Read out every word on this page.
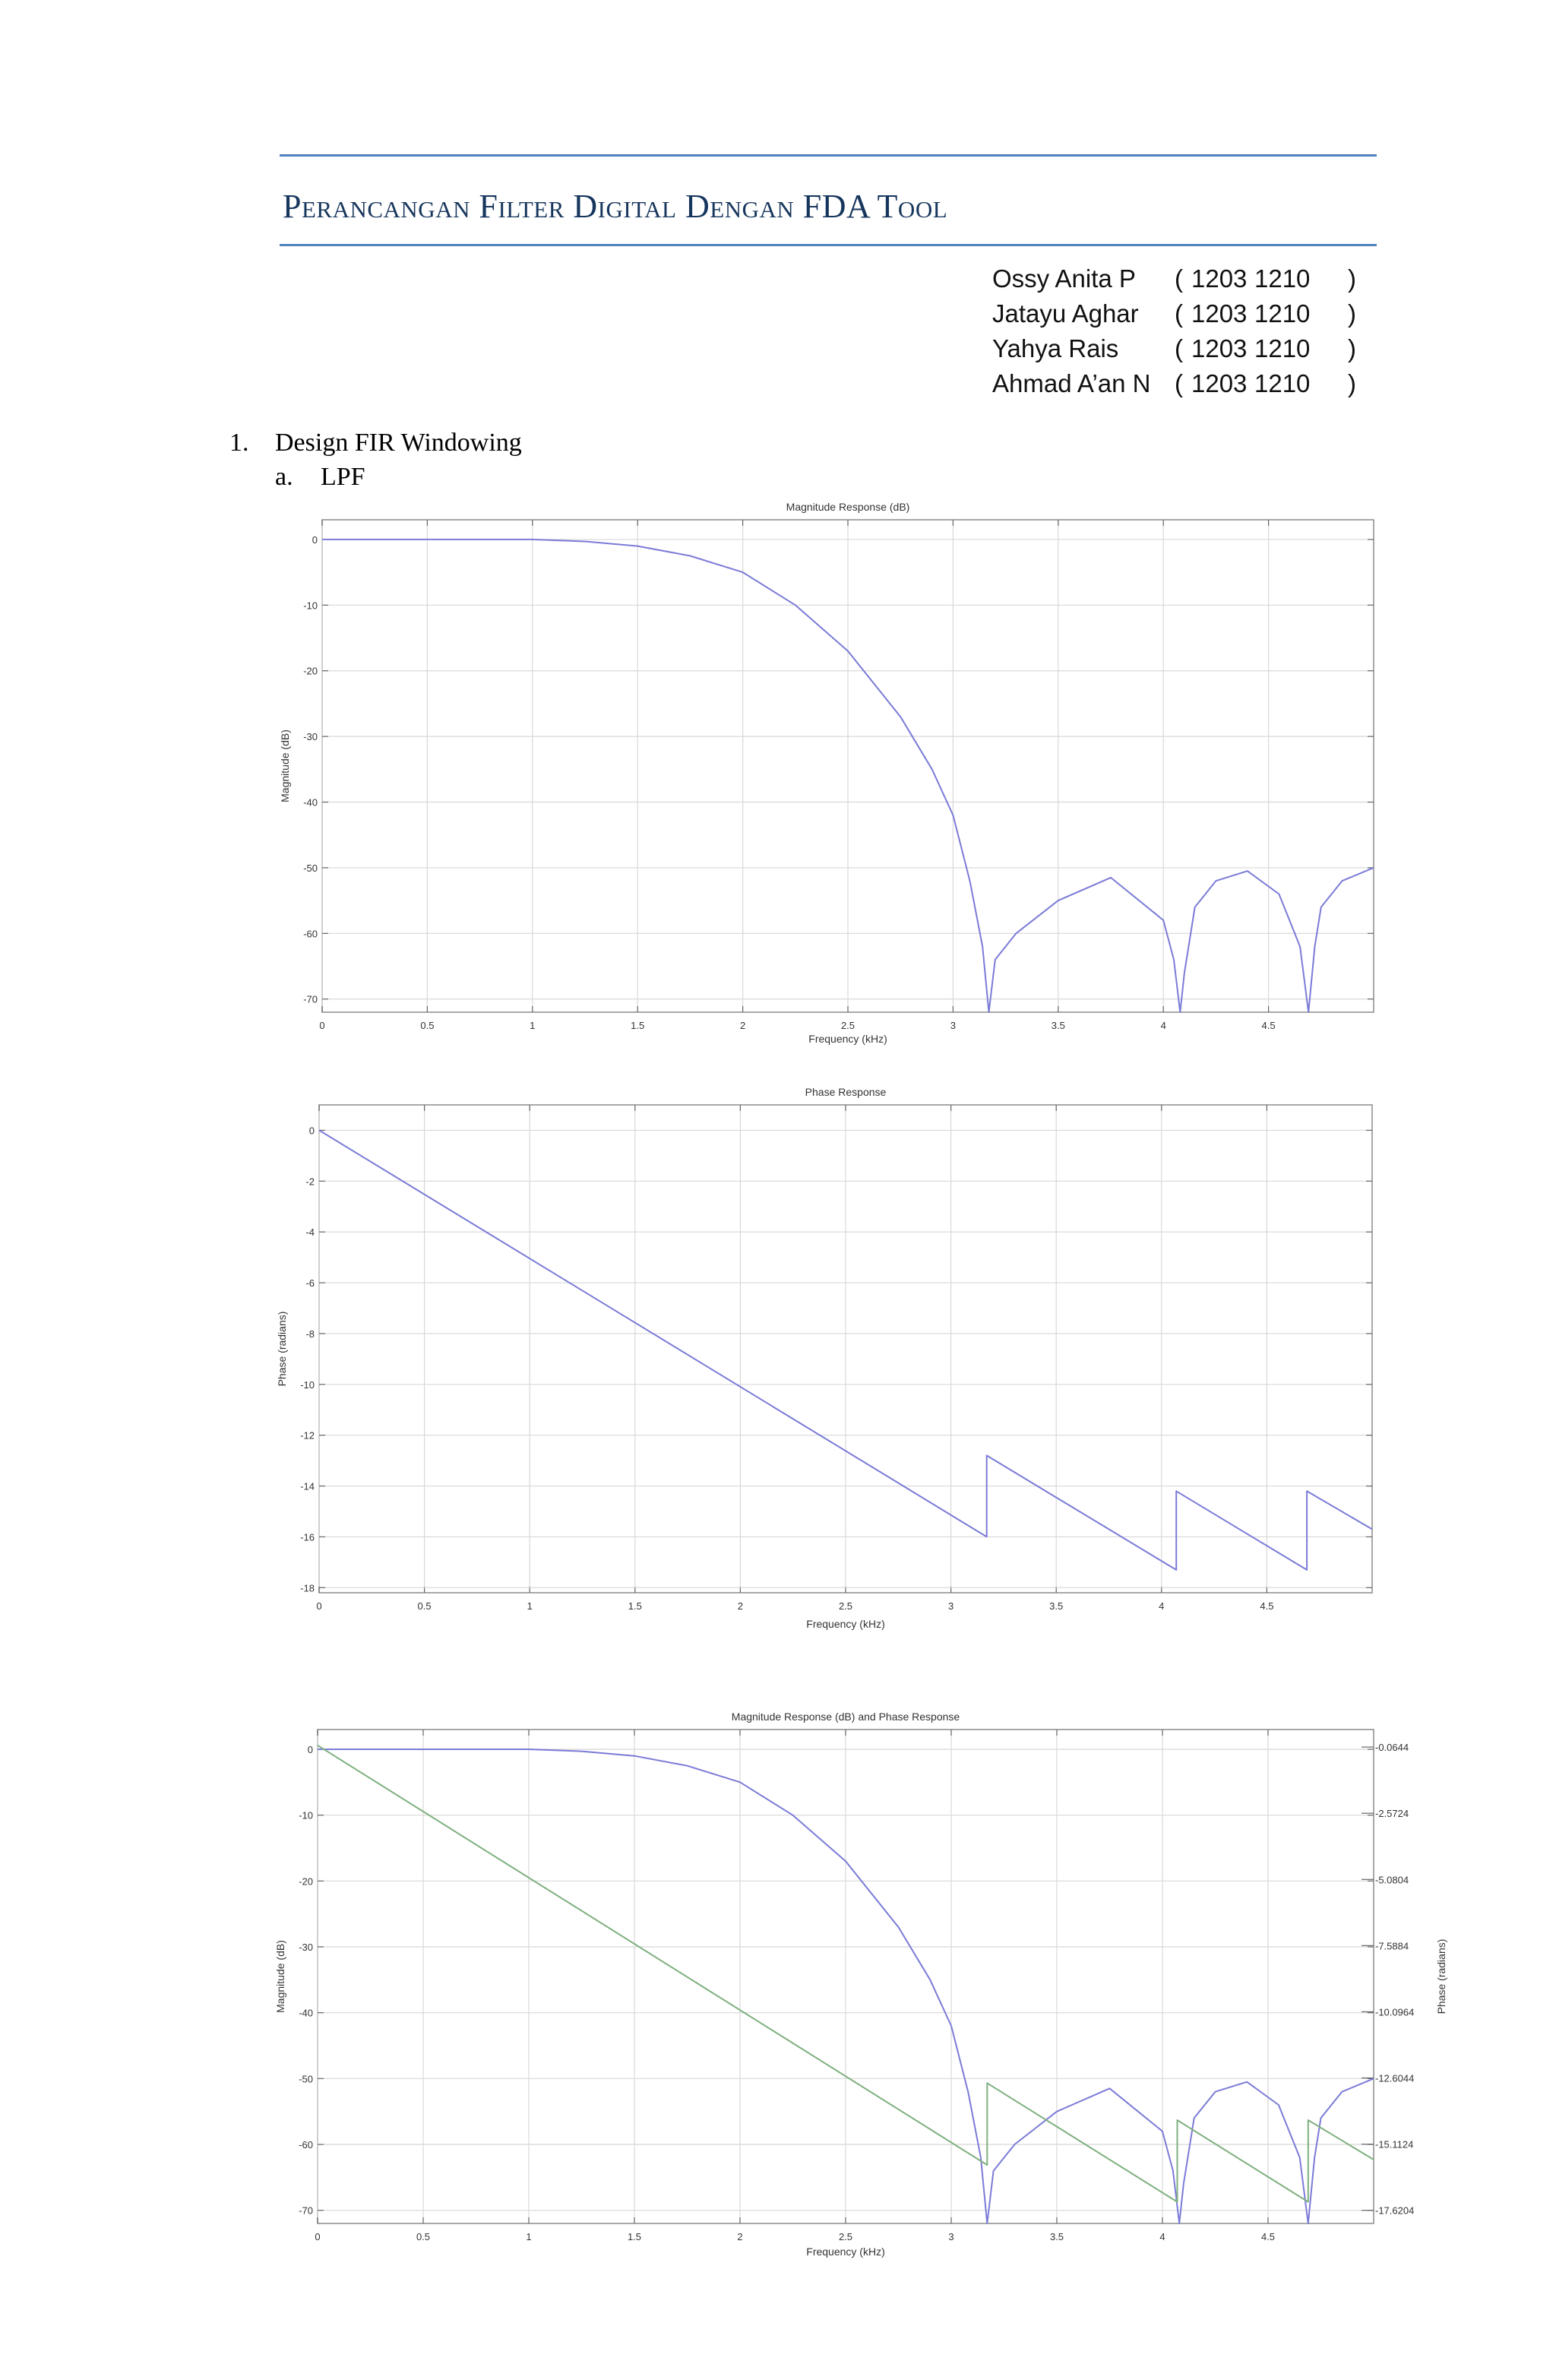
Perancangan Filter Digital Dengan FDA Tool
Ossy Anita P ( 1203 1210 )
Jatayu Aghar ( 1203 1210 )
Yahya Rais ( 1203 1210 )
Ahmad A’an N ( 1203 1210 )
1. Design FIR Windowing
a. LPF
0	0.5	1	1.5	2	2.5	3	3.5	4	4.5
0
-10
-20
-30
-40
-50
-60
-70
Magnitude Response (dB)
Frequency (kHz)
Magnitude (dB)
0	0.5	1	1.5	2	2.5	3	3.5	4	4.5
0
-2
-4
-6
-8
-10
-12
-14
-16
-18
Phase Response
Frequency (kHz)
Phase (radians)
0	0.5	1	1.5	2	2.5	3	3.5	4	4.5
0
-10
-20
-30
-40
-50
-60
-70
-0.0644
-2.5724
-5.0804
-7.5884
-10.0964
-12.6044
-15.1124
-17.6204
Magnitude Response (dB) and Phase Response
Frequency (kHz)
Magnitude (dB)	Phase (radians)
